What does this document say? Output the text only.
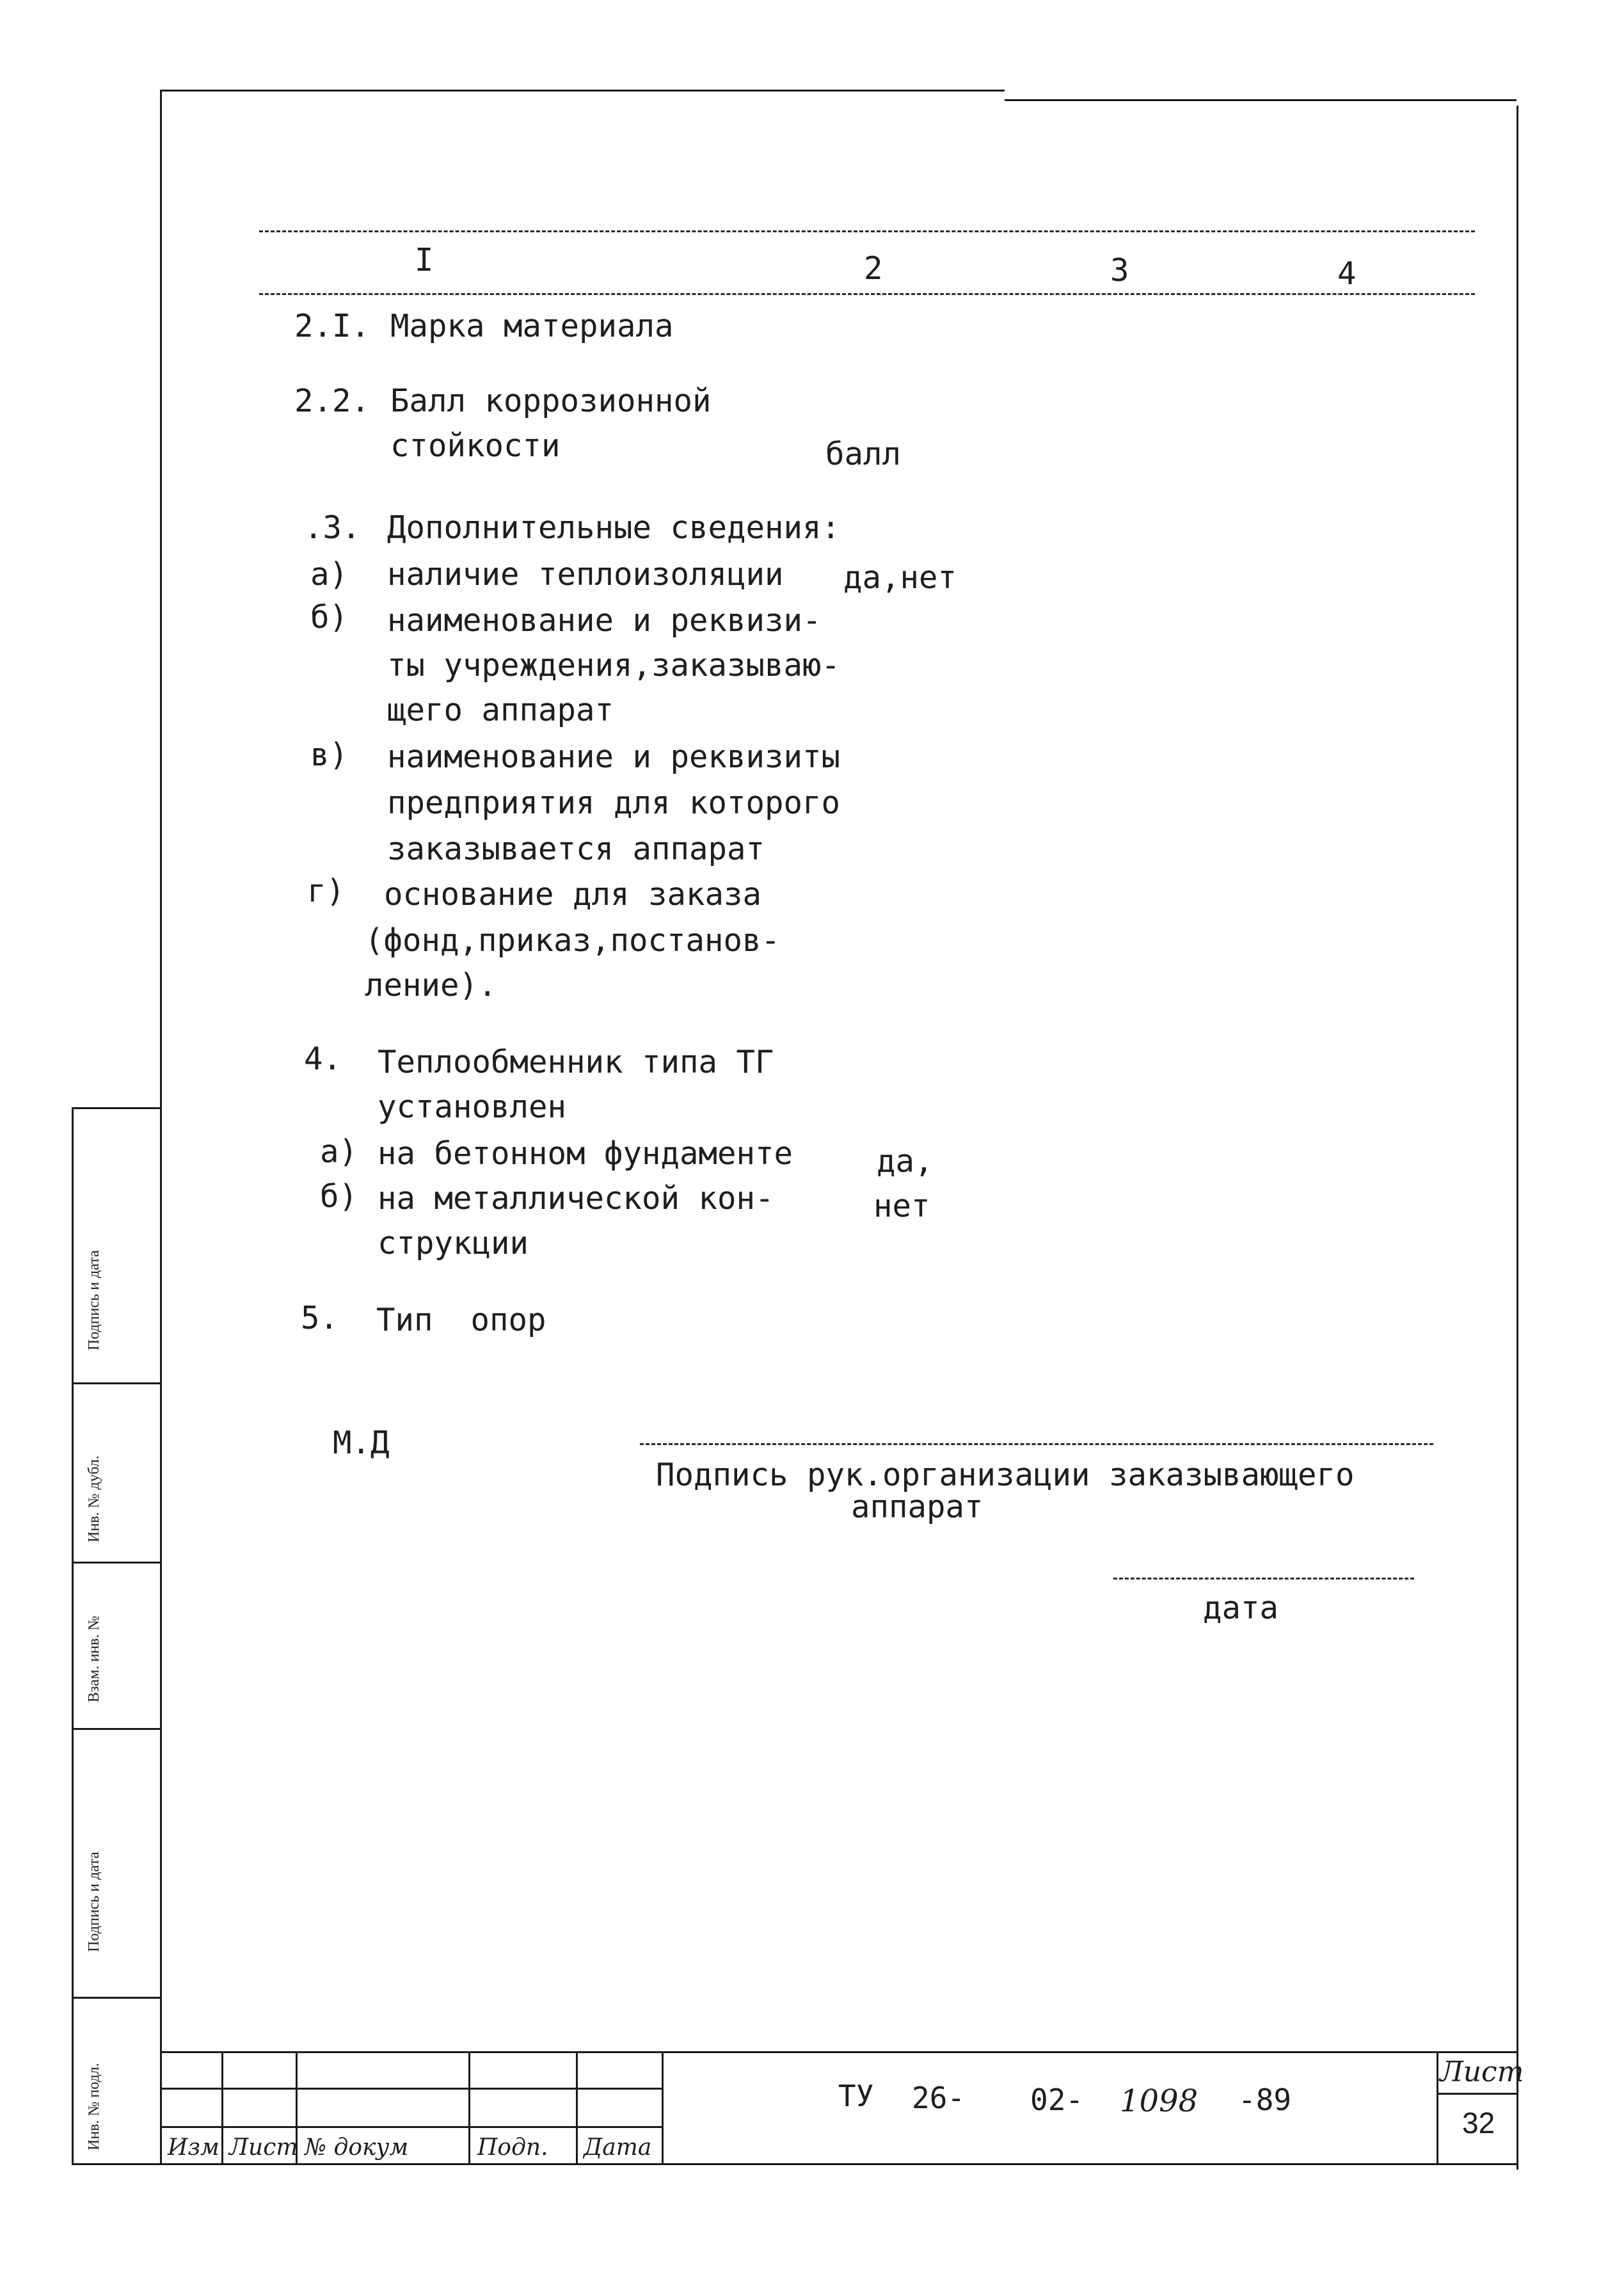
Подпись и дата
Инв. № дубл.
Взам. инв. №
Подпись и дата
Инв. № подл.
I	2	3	4
2.I. Марка материала
2.2. Балл коррозионной
стойкости	балл
.3. Дополнительные сведения:
а) наличие теплоизоляции да,нет
б) наименование и реквизи-
ты учреждения,заказываю-
щего аппарат
в) наименование и реквизиты
предприятия для которого
заказывается аппарат
г) основание для заказа
(фонд,приказ,постанов-
ление).
4. Теплообменник типа ТГ
установлен
а) на бетонном фундаменте	да,
б) на металлической кон-	нет
струкции
5. Тип  опор
М.Д
Подпись рук.организации заказывающего
аппарат
дата
Изм Лист № докум	Подп. Дата
ТУ 26- 02- 1098 -89
Лист
32
